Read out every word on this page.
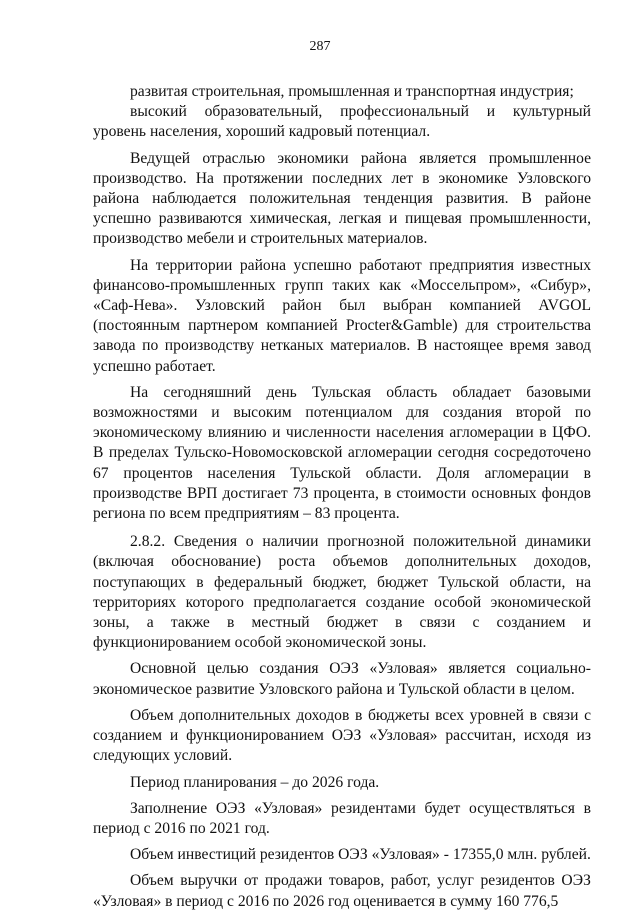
287

развитая строительная, промышленная и транспортная индустрия;

высокий образовательный, профессиональный и культурный уровень населения, хороший кадровый потенциал.

Ведущей отраслью экономики района является промышленное производство. На протяжении последних лет в экономике Узловского района наблюдается положительная тенденция развития. В районе успешно развиваются химическая, легкая и пищевая промышленности, производство мебели и строительных материалов.

На территории района успешно работают предприятия известных финансово-промышленных групп таких как «Моссельпром», «Сибур», «Саф-Нева». Узловский район был выбран компанией AVGOL (постоянным партнером компанией Procter&Gamble) для строительства завода по производству нетканых материалов. В настоящее время завод успешно работает.

На сегодняшний день Тульская область обладает базовыми возможностями и высоким потенциалом для создания второй по экономическому влиянию и численности населения агломерации в ЦФО. В пределах Тульско-Новомосковской агломерации сегодня сосредоточено 67 процентов населения Тульской области. Доля агломерации в производстве ВРП достигает 73 процента, в стоимости основных фондов региона по всем предприятиям – 83 процента.

2.8.2. Сведения о наличии прогнозной положительной динамики (включая обоснование) роста объемов дополнительных доходов, поступающих в федеральный бюджет, бюджет Тульской области, на территориях которого предполагается создание особой экономической зоны, а также в местный бюджет в связи с созданием и функционированием особой экономической зоны.

Основной целью создания ОЭЗ «Узловая» является социально-экономическое развитие Узловского района и Тульской области в целом.

Объем дополнительных доходов в бюджеты всех уровней в связи с созданием и функционированием ОЭЗ «Узловая» рассчитан, исходя из следующих условий.

Период планирования – до 2026 года.

Заполнение ОЭЗ «Узловая» резидентами будет осуществляться в период с 2016 по 2021 год.

Объем инвестиций резидентов ОЭЗ «Узловая» - 17355,0 млн. рублей.

Объем выручки от продажи товаров, работ, услуг резидентов ОЭЗ «Узловая» в период с 2016 по 2026 год оценивается в сумму 160 776,5
